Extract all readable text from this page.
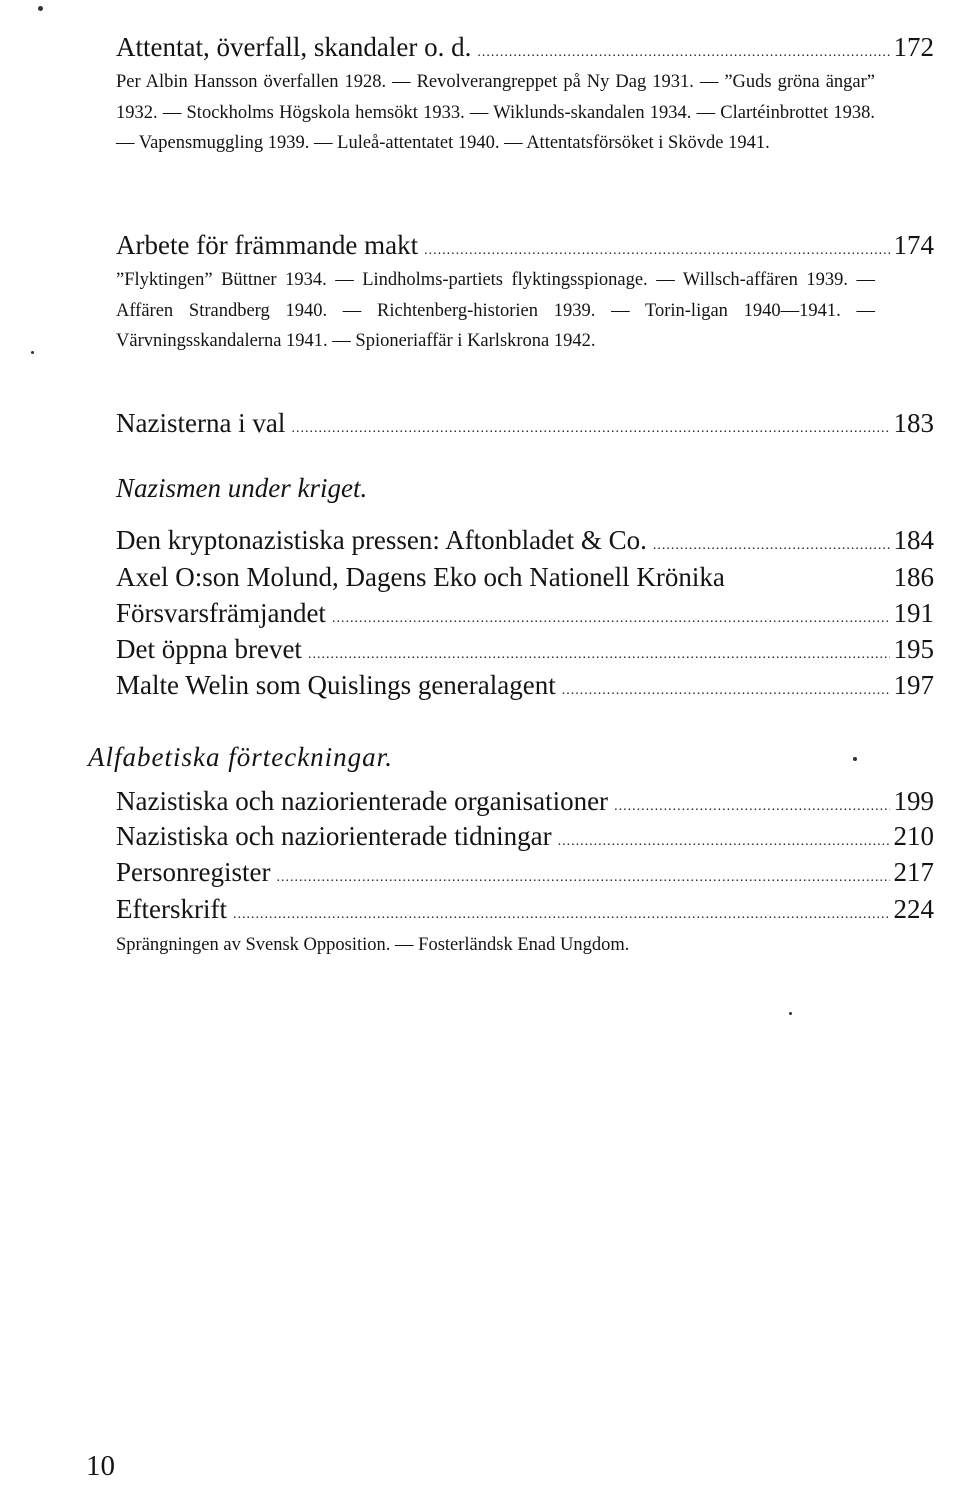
Attentat, överfall, skandaler o. d. .....	172
Per Albin Hansson överfallen 1928. — Revolverangreppet på Ny Dag 1931. — ”Guds gröna ängar” 1932. — Stockholms Högskola hemsökt 1933. — Wiklunds-skandalen 1934. — Clartéinbrottet 1938. — Vapensmuggling 1939. — Luleå-attentatet 1940. — Attentatsförsöket i Skövde 1941.
Arbete för främmande makt .....	174
”Flyktingen” Büttner 1934. — Lindholms-partiets flyktingsspionage. — Willsch-affären 1939. — Affären Strandberg 1940. — Richtenberg-historien 1939. — Torin-ligan 1940—1941. — Värvningsskandalerna 1941. — Spioneriaffär i Karlskrona 1942.
Nazisterna i val .....	183
Nazismen under kriget.
Den kryptonazistiska pressen: Aftonbladet & Co. .....	184
Axel O:son Molund, Dagens Eko och Nationell Krönika	186
Försvarsfrämjandet .....	191
Det öppna brevet .....	195
Malte Welin som Quislings generalagent .....	197
Alfabetiska förteckningar.
Nazistiska och naziorienterade organisationer .....	199
Nazistiska och naziorienterade tidningar .....	210
Personregister .....	217
Efterskrift .....	224
Sprängningen av Svensk Opposition. — Fosterländsk Enad Ungdom.
10
